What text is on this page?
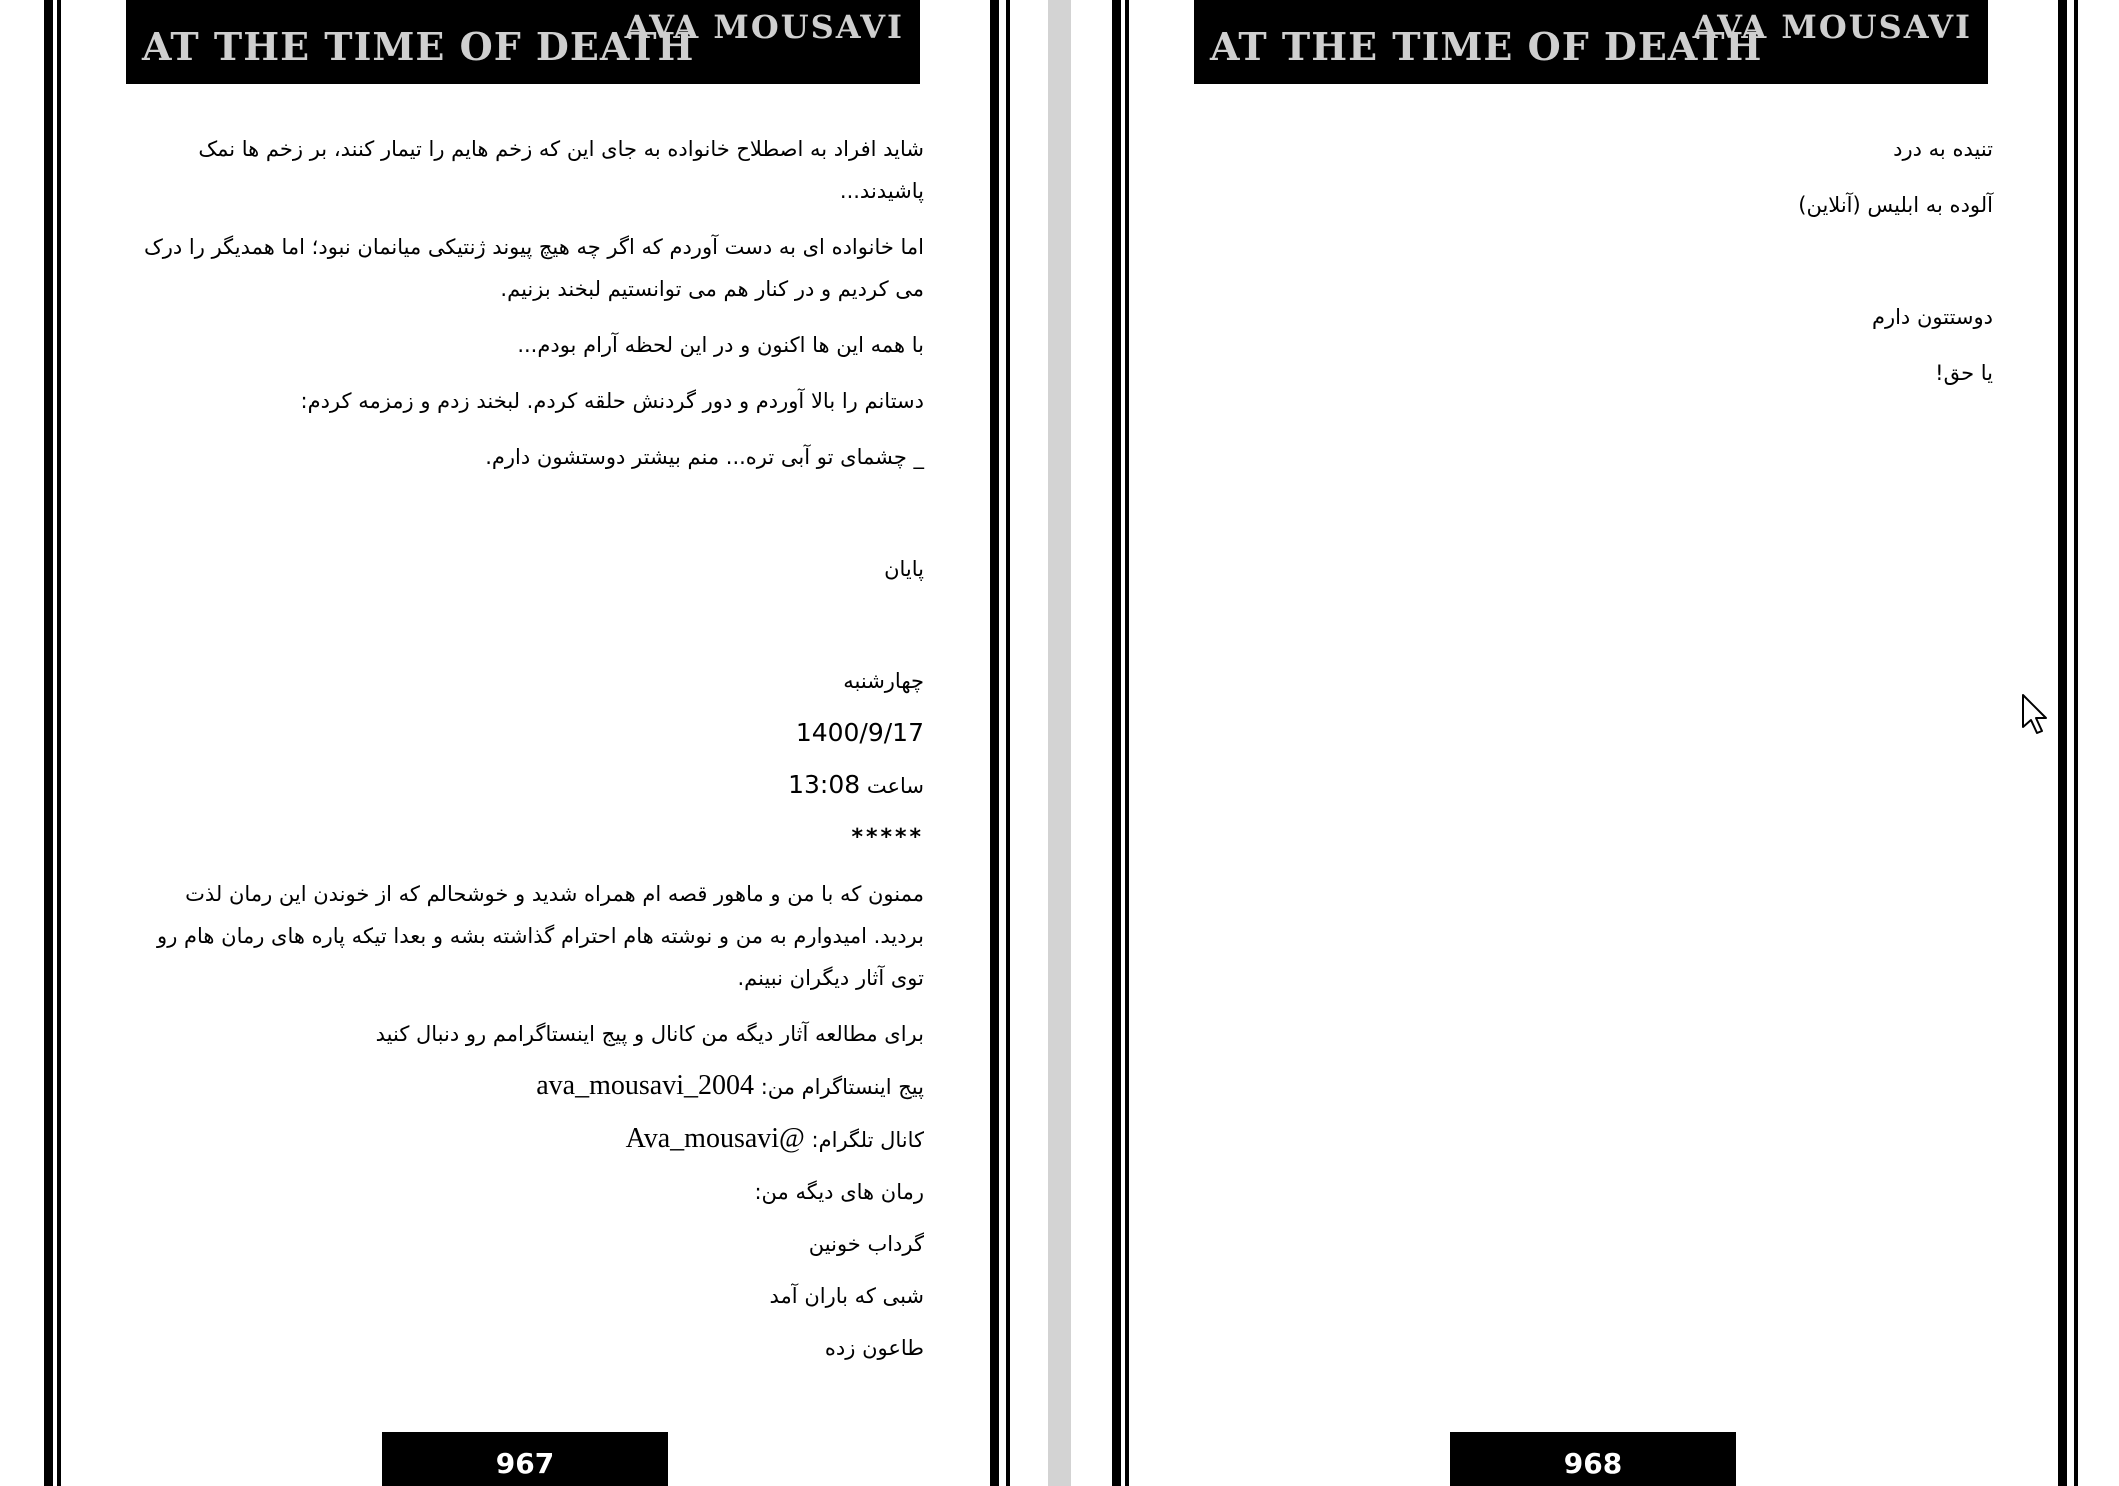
AT THE TIME OF DEATH
AVA MOUSAVI
شاید افراد به اصطلاح خانواده به جای این که زخم هایم را تیمار کنند، بر زخم ها نمک پاشیدند...
اما خانواده ای به دست آوردم که اگر چه هیچ پیوند ژنتیکی میانمان نبود؛ اما همدیگر را درک می کردیم و در کنار هم می توانستیم لبخند بزنیم.
با همه این ها اکنون و در این لحظه آرام بودم...
دستانم را بالا آوردم و دور گردنش حلقه کردم. لبخند زدم و زمزمه کردم:
_ چشمای تو آبی تره... منم بیشتر دوستشون دارم.
پایان
چهارشنبه
1400/9/17
ساعت 13:08
*****
ممنون که با من و ماهور قصه ام همراه شدید و خوشحالم که از خوندن این رمان لذت بردید. امیدوارم به من و نوشته هام احترام گذاشته بشه و بعدا تیکه پاره های رمان هام رو توی آثار دیگران نبینم.
برای مطالعه آثار دیگه من کانال و پیج اینستاگرامم رو دنبال کنید
پیج اینستاگرام من: ava_mousavi_2004
کانال تلگرام: @Ava_mousavi
رمان های دیگه من:
گرداب خونین
شبی که باران آمد
طاعون زده
967
AT THE TIME OF DEATH
AVA MOUSAVI
تنیده به درد
آلوده به ابلیس (آنلاین)
دوستتون دارم
یا حق!
968
